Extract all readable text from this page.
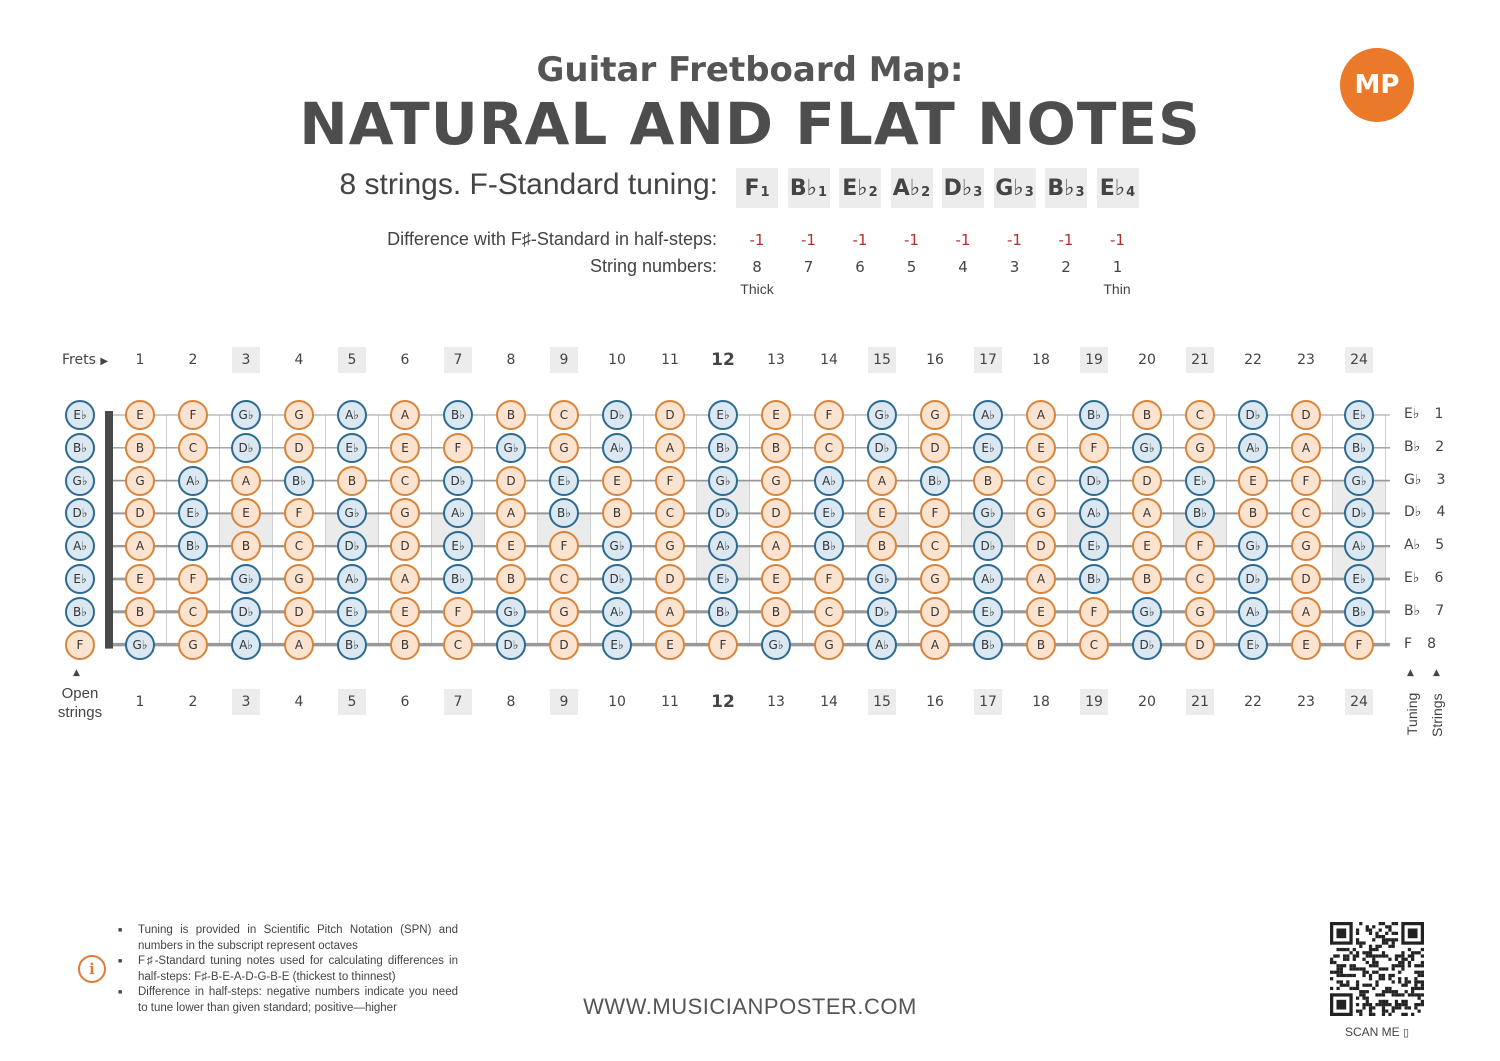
Guitar Fretboard Map:
NATURAL AND FLAT NOTES
MP
8 strings. F-Standard tuning: $F_1$ $B♭_1$ $E♭_2$ $A♭_2$ $D♭_3$ $G♭_3$ $B♭_3$ $E♭_4$
Difference with F♯-Standard in half-steps:
String numbers:
-1	-1	-1	-1	-1	-1	-1	-1
8	7	6	5	4	3	2	1
Thick	Thin
Frets ▶	1
1
2
2
3
3
4
4
5
5
6
6
7
7
8
8
9
9
10
10
11
11
12
12
13
13
14
14
15
15
16
16
17
17
18
18
19
19
20
20
21
21
22
22
23
23
24
24
E♭	E	F	G♭	G	A♭	A	B♭	B	C	D♭	D	E♭	E	F	G♭	G	A♭	A	B♭	B	C	D♭	D	E♭
B♭	B	C	D♭	D	E♭	E	F	G♭	G	A♭	A	B♭	B	C	D♭	D	E♭	E	F	G♭	G	A♭	A	B♭
G♭	G	A♭	A	B♭	B	C	D♭	D	E♭	E	F	G♭	G	A♭	A	B♭	B	C	D♭	D	E♭	E	F	G♭
D♭	D	E♭	E	F	G♭	G	A♭	A	B♭	B	C	D♭	D	E♭	E	F	G♭	G	A♭	A	B♭	B	C	D♭
A♭	A	B♭	B	C	D♭	D	E♭	E	F	G♭	G	A♭	A	B♭	B	C	D♭	D	E♭	E	F	G♭	G	A♭
E♭	E	F	G♭	G	A♭	A	B♭	B	C	D♭	D	E♭	E	F	G♭	G	A♭	A	B♭	B	C	D♭	D	E♭
B♭	B	C	D♭	D	E♭	E	F	G♭	G	A♭	A	B♭	B	C	D♭	D	E♭	E	F	G♭	G	A♭	A	B♭
F	G♭	G	A♭	A	B♭	B	C	D♭	D	E♭	E	F	G♭	G	A♭	A	B♭	B	C	D♭	D	E♭	E	F
E♭ 1
B♭ 2
G♭ 3
D♭ 4
A♭ 5
E♭ 6
B♭ 7
F 8
▲
Open
strings
▲ ▲
Tuning Strings
i
■ Tuning is provided in Scientific Pitch Notation (SPN) and numbers in the subscript represent octaves
■ F♯-Standard tuning notes used for calculating differences in half-steps: F♯-B-E-A-D-G-B-E (thickest to thinnest)
■ Difference in half-steps: negative numbers indicate you need to tune lower than given standard; positive—higher	WWW.MUSICIANPOSTER.COM
SCAN ME ▯
